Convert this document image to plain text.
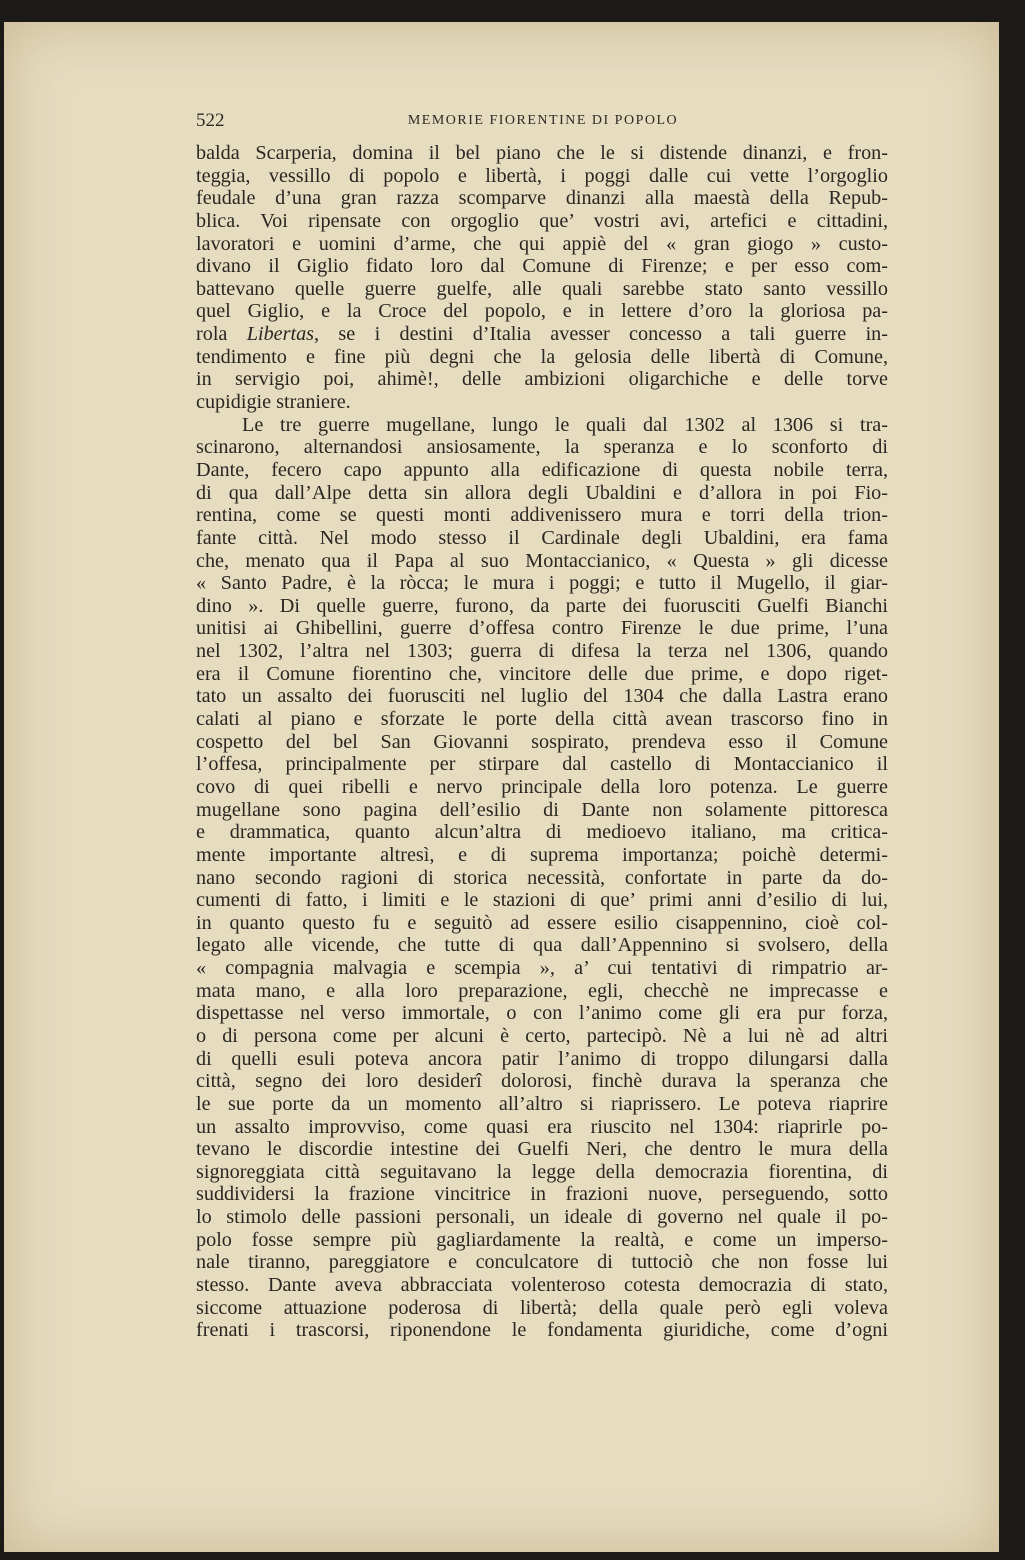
522	MEMORIE FIORENTINE DI POPOLO
balda Scarperia, domina il bel piano che le si distende dinanzi, e fron-
teggia, vessillo di popolo e libertà, i poggi dalle cui vette l’orgoglio
feudale d’una gran razza scomparve dinanzi alla maestà della Repub-
blica. Voi ripensate con orgoglio que’ vostri avi, artefici e cittadini,
lavoratori e uomini d’arme, che qui appiè del « gran giogo » custo-
divano il Giglio fidato loro dal Comune di Firenze; e per esso com-
battevano quelle guerre guelfe, alle quali sarebbe stato santo vessillo
quel Giglio, e la Croce del popolo, e in lettere d’oro la gloriosa pa-
rola Libertas, se i destini d’Italia avesser concesso a tali guerre in-
tendimento e fine più degni che la gelosia delle libertà di Comune,
in servigio poi, ahimè!, delle ambizioni oligarchiche e delle torve
cupidigie straniere.
Le tre guerre mugellane, lungo le quali dal 1302 al 1306 si tra-
scinarono, alternandosi ansiosamente, la speranza e lo sconforto di
Dante, fecero capo appunto alla edificazione di questa nobile terra,
di qua dall’Alpe detta sin allora degli Ubaldini e d’allora in poi Fio-
rentina, come se questi monti addivenissero mura e torri della trion-
fante città. Nel modo stesso il Cardinale degli Ubaldini, era fama
che, menato qua il Papa al suo Montaccianico, « Questa » gli dicesse
« Santo Padre, è la ròcca; le mura i poggi; e tutto il Mugello, il giar-
dino ». Di quelle guerre, furono, da parte dei fuorusciti Guelfi Bianchi
unitisi ai Ghibellini, guerre d’offesa contro Firenze le due prime, l’una
nel 1302, l’altra nel 1303; guerra di difesa la terza nel 1306, quando
era il Comune fiorentino che, vincitore delle due prime, e dopo riget-
tato un assalto dei fuorusciti nel luglio del 1304 che dalla Lastra erano
calati al piano e sforzate le porte della città avean trascorso fino in
cospetto del bel San Giovanni sospirato, prendeva esso il Comune
l’offesa, principalmente per stirpare dal castello di Montaccianico il
covo di quei ribelli e nervo principale della loro potenza. Le guerre
mugellane sono pagina dell’esilio di Dante non solamente pittoresca
e drammatica, quanto alcun’altra di medioevo italiano, ma critica-
mente importante altresì, e di suprema importanza; poichè determi-
nano secondo ragioni di storica necessità, confortate in parte da do-
cumenti di fatto, i limiti e le stazioni di que’ primi anni d’esilio di lui,
in quanto questo fu e seguitò ad essere esilio cisappennino, cioè col-
legato alle vicende, che tutte di qua dall’Appennino si svolsero, della
« compagnia malvagia e scempia », a’ cui tentativi di rimpatrio ar-
mata mano, e alla loro preparazione, egli, checchè ne imprecasse e
dispettasse nel verso immortale, o con l’animo come gli era pur forza,
o di persona come per alcuni è certo, partecipò. Nè a lui nè ad altri
di quelli esuli poteva ancora patir l’animo di troppo dilungarsi dalla
città, segno dei loro desiderî dolorosi, finchè durava la speranza che
le sue porte da un momento all’altro si riaprissero. Le poteva riaprire
un assalto improvviso, come quasi era riuscito nel 1304: riaprirle po-
tevano le discordie intestine dei Guelfi Neri, che dentro le mura della
signoreggiata città seguitavano la legge della democrazia fiorentina, di
suddividersi la frazione vincitrice in frazioni nuove, perseguendo, sotto
lo stimolo delle passioni personali, un ideale di governo nel quale il po-
polo fosse sempre più gagliardamente la realtà, e come un imperso-
nale tiranno, pareggiatore e conculcatore di tuttociò che non fosse lui
stesso. Dante aveva abbracciata volenteroso cotesta democrazia di stato,
siccome attuazione poderosa di libertà; della quale però egli voleva
frenati i trascorsi, riponendone le fondamenta giuridiche, come d’ogni
